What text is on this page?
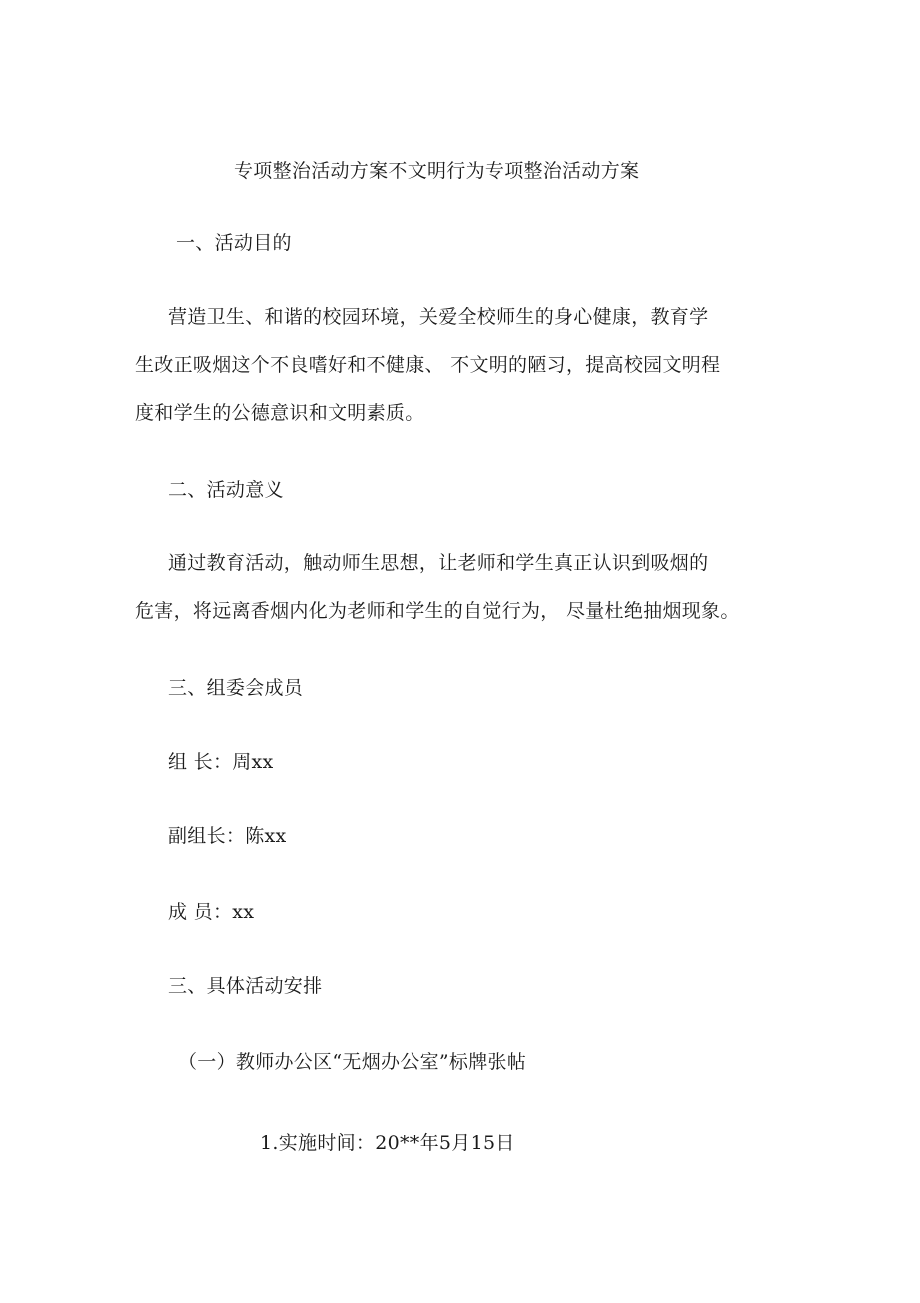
专项整治活动方案不文明行为专项整治活动方案
一、活动目的
营造卫生、和谐的校园环境，关爱全校师生的身心健康，教育学
生改正吸烟这个不良嗜好和不健康、 不文明的陋习，提高校园文明程
度和学生的公德意识和文明素质。
二、活动意义
通过教育活动，触动师生思想，让老师和学生真正认识到吸烟的
危害，将远离香烟内化为老师和学生的自觉行为， 尽量杜绝抽烟现象。
三、组委会成员
组 长：周xx
副组长：陈xx
成 员：xx
三、具体活动安排
（一）教师办公区“无烟办公室”标牌张帖
1.实施时间：20**年5月15日
